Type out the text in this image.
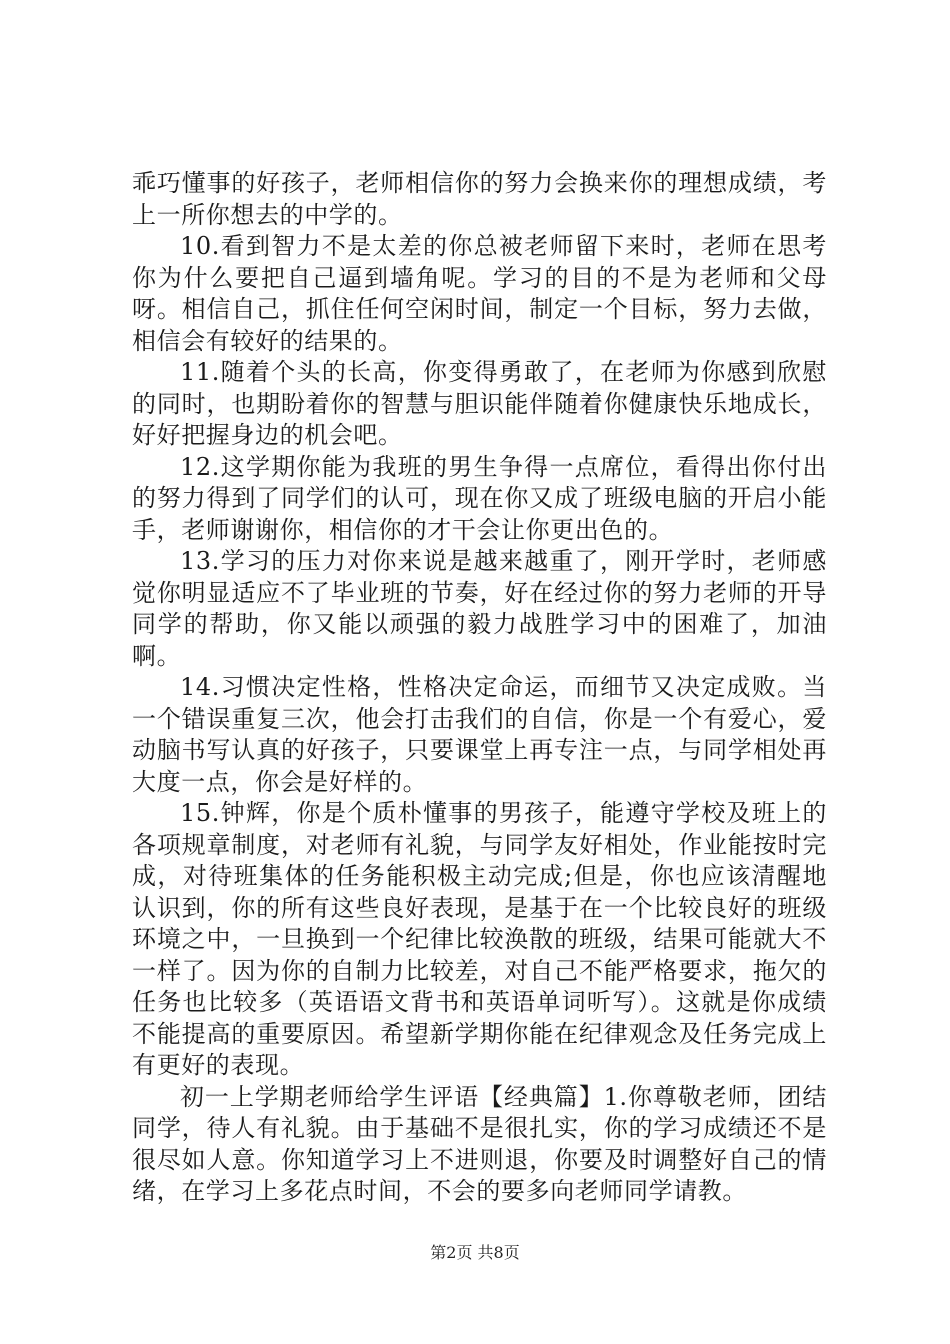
乖巧懂事的好孩子，老师相信你的努力会换来你的理想成绩，考上一所你想去的中学的。

10.看到智力不是太差的你总被老师留下来时，老师在思考你为什么要把自己逼到墙角呢。学习的目的不是为老师和父母呀。相信自己，抓住任何空闲时间，制定一个目标，努力去做，相信会有较好的结果的。

11.随着个头的长高，你变得勇敢了，在老师为你感到欣慰的同时，也期盼着你的智慧与胆识能伴随着你健康快乐地成长，好好把握身边的机会吧。

12.这学期你能为我班的男生争得一点席位，看得出你付出的努力得到了同学们的认可，现在你又成了班级电脑的开启小能手，老师谢谢你，相信你的才干会让你更出色的。

13.学习的压力对你来说是越来越重了，刚开学时，老师感觉你明显适应不了毕业班的节奏，好在经过你的努力老师的开导同学的帮助，你又能以顽强的毅力战胜学习中的困难了，加油啊。

14.习惯决定性格，性格决定命运，而细节又决定成败。当一个错误重复三次，他会打击我们的自信，你是一个有爱心，爱动脑书写认真的好孩子，只要课堂上再专注一点，与同学相处再大度一点，你会是好样的。

15.钟辉，你是个质朴懂事的男孩子，能遵守学校及班上的各项规章制度，对老师有礼貌，与同学友好相处，作业能按时完成，对待班集体的任务能积极主动完成;但是，你也应该清醒地认识到，你的所有这些良好表现，是基于在一个比较良好的班级环境之中，一旦换到一个纪律比较涣散的班级，结果可能就大不一样了。因为你的自制力比较差，对自己不能严格要求，拖欠的任务也比较多（英语语文背书和英语单词听写）。这就是你成绩不能提高的重要原因。希望新学期你能在纪律观念及任务完成上有更好的表现。

初一上学期老师给学生评语【经典篇】1.你尊敬老师，团结同学，待人有礼貌。由于基础不是很扎实，你的学习成绩还不是很尽如人意。你知道学习上不进则退，你要及时调整好自己的情绪，在学习上多花点时间，不会的要多向老师同学请教。

第2页 共8页
